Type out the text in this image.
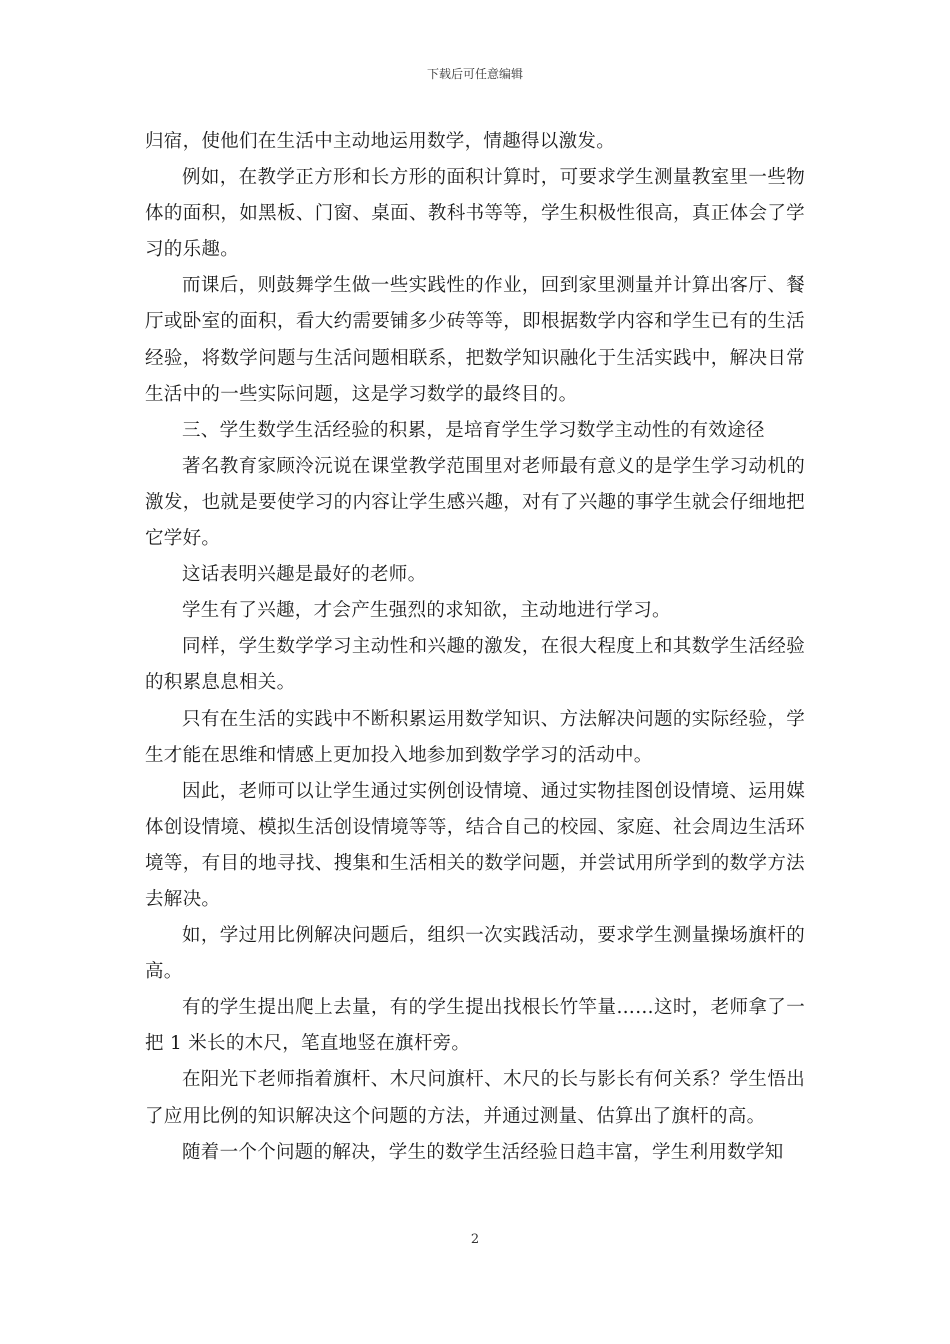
下载后可任意编辑

归宿，使他们在生活中主动地运用数学，情趣得以激发。

例如，在教学正方形和长方形的面积计算时，可要求学生测量教室里一些物体的面积，如黑板、门窗、桌面、教科书等等，学生积极性很高，真正体会了学习的乐趣。

而课后，则鼓舞学生做一些实践性的作业，回到家里测量并计算出客厅、餐厅或卧室的面积，看大约需要铺多少砖等等，即根据数学内容和学生已有的生活经验，将数学问题与生活问题相联系，把数学知识融化于生活实践中，解决日常生活中的一些实际问题，这是学习数学的最终目的。

三、学生数学生活经验的积累，是培育学生学习数学主动性的有效途径

著名教育家顾泠沅说在课堂教学范围里对老师最有意义的是学生学习动机的激发，也就是要使学习的内容让学生感兴趣，对有了兴趣的事学生就会仔细地把它学好。

这话表明兴趣是最好的老师。

学生有了兴趣，才会产生强烈的求知欲，主动地进行学习。

同样，学生数学学习主动性和兴趣的激发，在很大程度上和其数学生活经验的积累息息相关。

只有在生活的实践中不断积累运用数学知识、方法解决问题的实际经验，学生才能在思维和情感上更加投入地参加到数学学习的活动中。

因此，老师可以让学生通过实例创设情境、通过实物挂图创设情境、运用媒体创设情境、模拟生活创设情境等等，结合自己的校园、家庭、社会周边生活环境等，有目的地寻找、搜集和生活相关的数学问题，并尝试用所学到的数学方法去解决。

如，学过用比例解决问题后，组织一次实践活动，要求学生测量操场旗杆的高。

有的学生提出爬上去量，有的学生提出找根长竹竿量……这时，老师拿了一把 1 米长的木尺，笔直地竖在旗杆旁。

在阳光下老师指着旗杆、木尺问旗杆、木尺的长与影长有何关系？学生悟出了应用比例的知识解决这个问题的方法，并通过测量、估算出了旗杆的高。

随着一个个问题的解决，学生的数学生活经验日趋丰富，学生利用数学知

2
